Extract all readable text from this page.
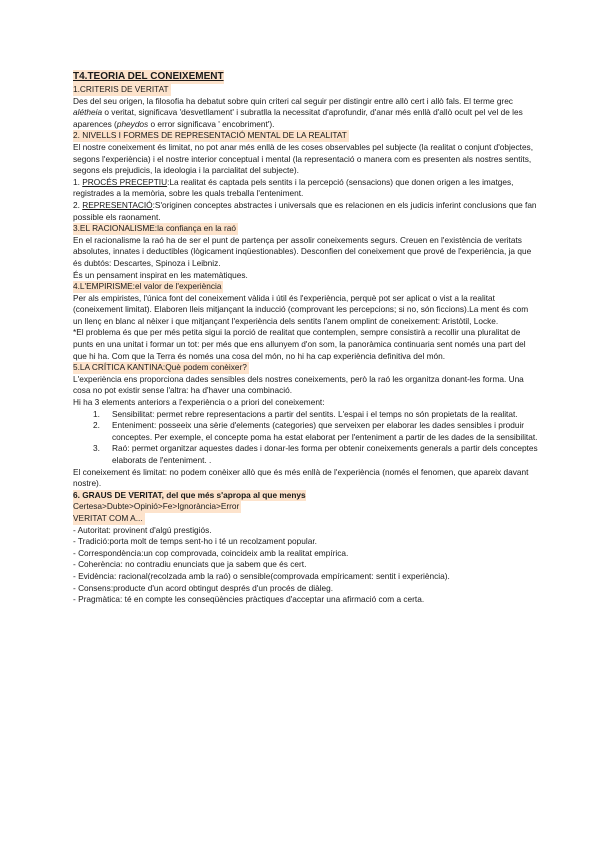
T4.TEORIA DEL CONEIXEMENT
1.CRITERIS DE VERITAT

Des del seu origen, la filosofia ha debatut sobre quin criteri cal seguir per distingir entre allò cert i allò fals. El terme grec alétheia o veritat, significava 'desvetllament' i subratlla la necessitat d'aprofundir, d'anar més enllà d'allò ocult pel vel de les aparences (pheydos o error significava ' encobriment').

2. NIVELLS I FORMES DE REPRESENTACIÓ MENTAL DE LA REALITAT

El nostre coneixement és limitat, no pot anar més enllà de les coses observables pel subjecte (la realitat o conjunt d'objectes, segons l'experiència) i el nostre interior conceptual i mental (la representació o manera com es presenten als nostres sentits, segons els prejudicis, la ideologia i la parcialitat del subjecte).

1. PROCÉS PRECEPTIU:La realitat és captada pels sentits i la percepció (sensacions) que donen origen a les imatges, registrades a la memòria, sobre les quals treballa l'enteniment.

2. REPRESENTACIÓ:S'originen conceptes abstractes i universals que es relacionen en els judicis inferint conclusions que fan possible els raonament.

3.EL RACIONALISME:la confiança en la raó

En el racionalisme la raó ha de ser el punt de partença per assolir coneixements segurs. Creuen en l'existència de veritats absolutes, innates i deductibles (lògicament inqüestionables). Desconfien del coneixement que prové de l'experiència, ja que és dubtós: Descartes, Spinoza i Leibniz.

És un pensament inspirat en les matemàtiques.

4.L'EMPIRISME:el valor de l'experiència

Per als empiristes, l'única font del coneixement vàlida i útil és l'experiència, perquè pot ser aplicat o vist a la realitat (coneixement limitat). Elaboren lleis mitjançant la inducció (comprovant les percepcions; si no, són ficcions).La ment és com un llenç en blanc al nèixer i que mitjançant l'experiència dels sentits l'anem omplint de coneixement: Aristòtil, Locke.

*El problema és que per més petita sigui la porció de realitat que contemplen, sempre consistirà a recollir una pluralitat de punts en una unitat i formar un tot: per més que ens allunyem d'on som, la panoràmica continuaria sent només una part del que hi ha. Com que la Terra és només una cosa del món, no hi ha cap experiència definitiva del món.

5.LA CRÍTICA KANTINA:Què podem conèixer?

L'experiència ens proporciona dades sensibles dels nostres coneixements, però la raó les organitza donant-les forma. Una cosa no pot existir sense l'altra: ha d'haver una combinació.

Hi ha 3 elements anteriors a l'experiència o a priori del coneixement:

1. Sensibilitat: permet rebre representacions a partir del sentits. L'espai i el temps no són propietats de la realitat.
2. Enteniment: posseeix una sèrie d'elements (categories) que serveixen per elaborar les dades sensibles i produir conceptes. Per exemple, el concepte poma ha estat elaborat per l'enteniment a partir de les dades de la sensibilitat.
3. Raó: permet organitzar aquestes dades i donar-les forma per obtenir coneixements generals a partir dels conceptes elaborats de l'enteniment. .

El coneixement és limitat: no podem conèixer allò que és més enllà de l'experiència (només el fenomen, que apareix davant nostre).

6. GRAUS DE VERITAT, del que més s'apropa al que menys
Certesa>Dubte>Opinió>Fe>Ignorància>Error
VERITAT COM A...

- Autoritat: provinent d'algú prestigiós.

- Tradició:porta molt de temps sent-ho i té un recolzament popular.

- Correspondència:un cop comprovada, coincideix amb la realitat empírica.

- Coherència: no contradiu enunciats que ja sabem que és cert.

- Evidència: racional(recolzada amb la raó) o sensible(comprovada empíricament: sentit i experiència).

- Consens:producte d'un acord obtingut després d'un procés de diàleg.

- Pragmàtica: té en compte les conseqüències pràctiques d'acceptar una afirmació com a certa.
